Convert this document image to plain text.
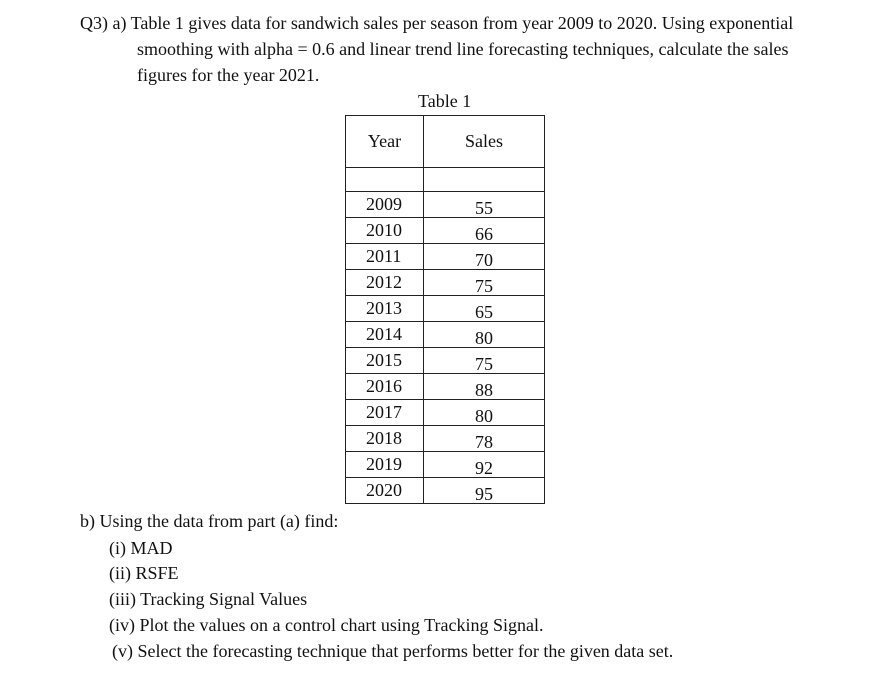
Q3) a) Table 1 gives data for sandwich sales per season from year 2009 to 2020. Using exponential
smoothing with alpha = 0.6 and linear trend line forecasting techniques, calculate the sales
figures for the year 2021.
Table 1
Year	Sales

2009	55
2010	66
2011	70
2012	75
2013	65
2014	80
2015	75
2016	88
2017	80
2018	78
2019	92
2020	95
b) Using the data from part (a) find:
(i) MAD
(ii) RSFE
(iii) Tracking Signal Values
(iv) Plot the values on a control chart using Tracking Signal.
(v) Select the forecasting technique that performs better for the given data set.
